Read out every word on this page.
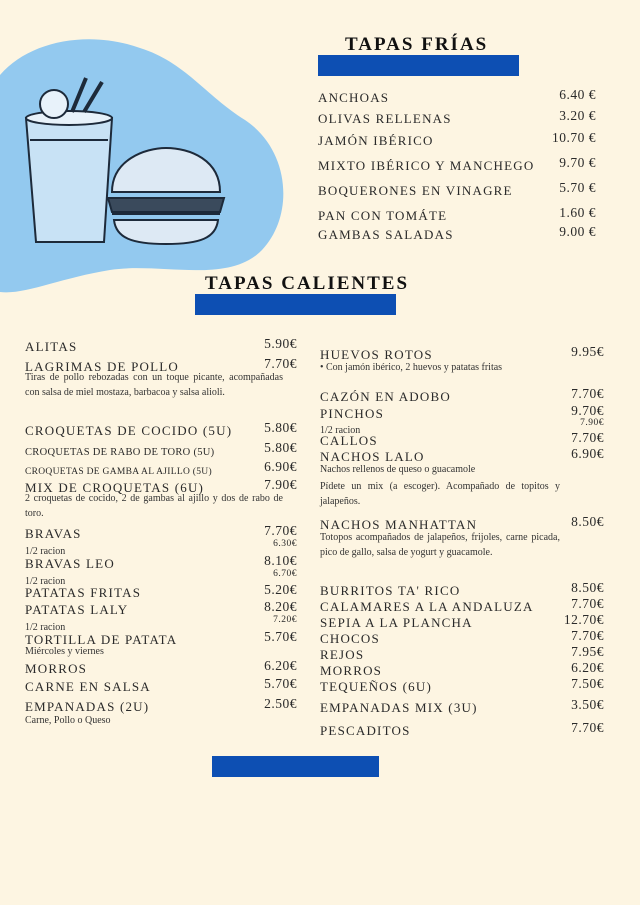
TAPAS FRÍAS
ANCHOAS	6.40 €
OLIVAS RELLENAS	3.20 €
JAMÓN IBÉRICO	10.70 €
MIXTO IBÉRICO Y MANCHEGO 9.70 €
BOQUERONES EN VINAGRE	5.70 €
PAN CON TOMÁTE	1.60 €
GAMBAS SALADAS	9.00 €
TAPAS CALIENTES
ALITAS	5.90€
LAGRIMAS DE POLLO	7.70€
Tiras de pollo rebozadas con un toque picante, acompañadas con salsa de miel mostaza, barbacoa y salsa alioli.
CROQUETAS DE COCIDO (5U) 5.80€
CROQUETAS DE RABO DE TORO (5U)	5.80€
CROQUETAS DE GAMBA AL AJILLO (5U)	6.90€
MIX DE CROQUETAS (6U)	7.90€
2 croquetas de cocido, 2 de gambas al ajillo y dos de rabo de toro.
BRAVAS	7.70€
1/2 racion
6.30€
BRAVAS LEO	8.10€
1/2 racion
6.70€
PATATAS FRITAS	5.20€
PATATAS LALY	8.20€
1/2 racion
7.20€
TORTILLA DE PATATA	5.70€
Miércoles y viernes
MORROS	6.20€
CARNE EN SALSA	5.70€
EMPANADAS (2U)	2.50€
Carne, Pollo o Queso
HUEVOS ROTOS	9.95€
• Con jamón ibérico, 2 huevos y patatas fritas
CAZÓN EN ADOBO	7.70€
PINCHOS	9.70€
1/2 racion
7.90€
CALLOS	7.70€
NACHOS LALO	6.90€
Nachos rellenos de queso o guacamole
Pídete un mix (a escoger). Acompañado de topitos y jalapeños.
NACHOS MANHATTAN	8.50€
Totopos acompañados de jalapeños, frijoles, carne picada, pico de gallo, salsa de yogurt y guacamole.
BURRITOS TA' RICO	8.50€
CALAMARES A LA ANDALUZA	7.70€
SEPIA A LA PLANCHA	12.70€
CHOCOS	7.70€
REJOS	7.95€
MORROS	6.20€
TEQUEÑOS (6U)	7.50€
EMPANADAS MIX (3U)	3.50€
PESCADITOS	7.70€
